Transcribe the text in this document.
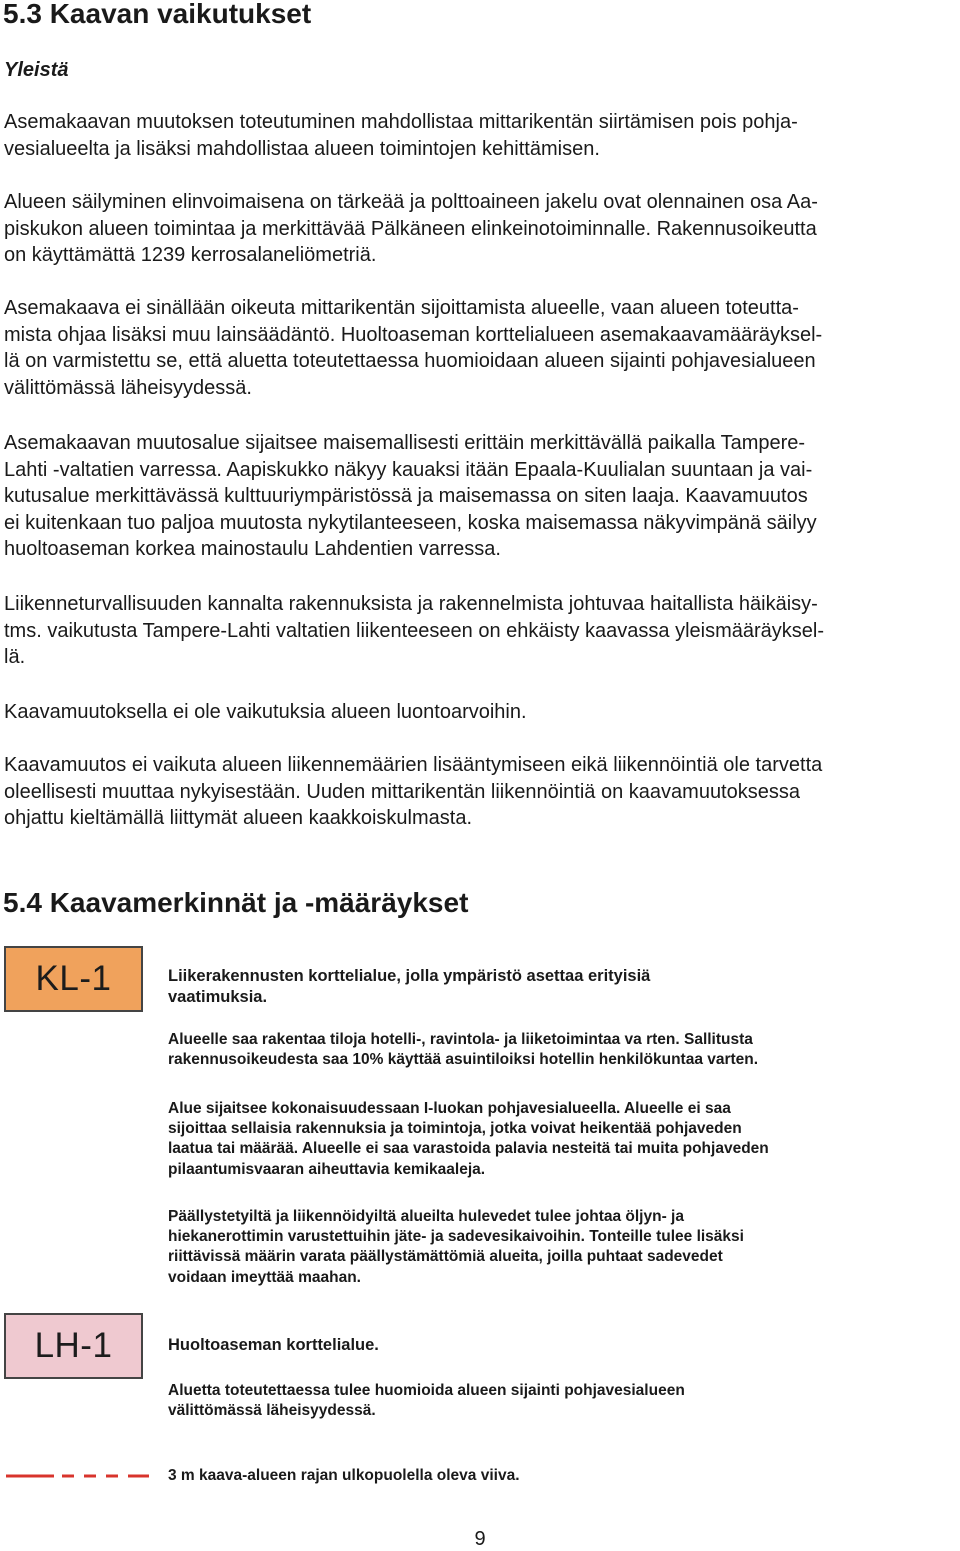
5.3 Kaavan vaikutukset
Yleistä
Asemakaavan muutoksen toteutuminen mahdollistaa mittarikentän siirtämisen pois pohja-
vesialueelta ja lisäksi mahdollistaa alueen toimintojen kehittämisen.
Alueen säilyminen elinvoimaisena on tärkeää ja polttoaineen jakelu ovat olennainen osa Aa-
piskukon alueen toimintaa ja merkittävää Pälkäneen elinkeinotoiminnalle. Rakennusoikeutta
on käyttämättä 1239 kerrosalaneliömetriä.
Asemakaava ei sinällään oikeuta mittarikentän sijoittamista alueelle, vaan alueen toteutta-
mista ohjaa lisäksi muu lainsäädäntö. Huoltoaseman korttelialueen asemakaavamääräyksel-
lä on varmistettu se, että aluetta toteutettaessa huomioidaan alueen sijainti pohjavesialueen
välittömässä läheisyydessä.
Asemakaavan muutosalue sijaitsee maisemallisesti erittäin merkittävällä paikalla Tampere-
Lahti -valtatien varressa. Aapiskukko näkyy kauaksi itään Epaala-Kuulialan suuntaan ja vai-
kutusalue merkittävässä kulttuuriympäristössä ja maisemassa on siten laaja. Kaavamuutos
ei kuitenkaan tuo paljoa muutosta nykytilanteeseen, koska maisemassa näkyvimpänä säilyy
huoltoaseman korkea mainostaulu Lahdentien varressa.
Liikenneturvallisuuden kannalta rakennuksista ja rakennelmista johtuvaa haitallista häikäisy-
tms. vaikutusta Tampere-Lahti valtatien liikenteeseen on ehkäisty kaavassa yleismääräyksel-
lä.
Kaavamuutoksella ei ole vaikutuksia alueen luontoarvoihin.
Kaavamuutos ei vaikuta alueen liikennemäärien lisääntymiseen eikä liikennöintiä ole tarvetta
oleellisesti muuttaa nykyisestään. Uuden mittarikentän liikennöintiä on kaavamuutoksessa
ohjattu kieltämällä liittymät alueen kaakkoiskulmasta.
5.4 Kaavamerkinnät ja -määräykset
KL-1	Liikerakennusten korttelialue, jolla ympäristö asettaa erityisiä
vaatimuksia.
Alueelle saa rakentaa tiloja hotelli-, ravintola- ja liiketoimintaa va rten. Sallitusta
rakennusoikeudesta saa 10% käyttää asuintiloiksi hotellin henkilökuntaa varten.
Alue sijaitsee kokonaisuudessaan I-luokan pohjavesialueella. Alueelle ei saa
sijoittaa sellaisia rakennuksia ja toimintoja, jotka voivat heikentää pohjaveden
laatua tai määrää. Alueelle ei saa varastoida palavia nesteitä tai muita pohjaveden
pilaantumisvaaran aiheuttavia kemikaaleja.
Päällystetyiltä ja liikennöidyiltä alueilta hulevedet tulee johtaa öljyn- ja
hiekanerottimin varustettuihin jäte- ja sadevesikaivoihin. Tonteille tulee lisäksi
riittävissä määrin varata päällystämättömiä alueita, joilla puhtaat sadevedet
voidaan imeyttää maahan.
LH-1	Huoltoaseman korttelialue.
Aluetta toteutettaessa tulee huomioida alueen sijainti pohjavesialueen
välittömässä läheisyydessä.
3 m kaava-alueen rajan ulkopuolella oleva viiva.
9
